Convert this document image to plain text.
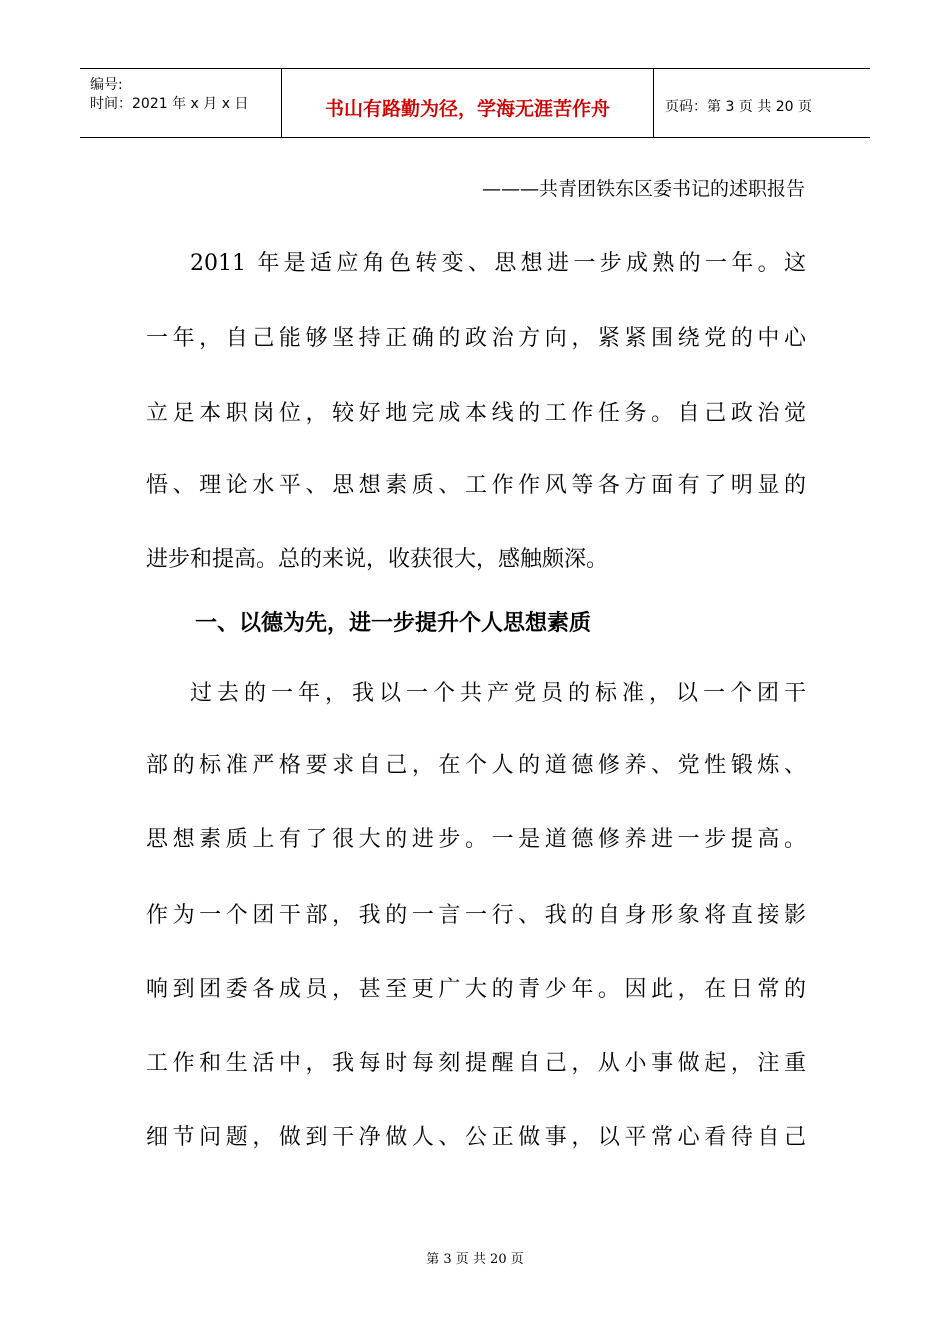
编号:
时间：2021 年 x 月 x 日	书山有路勤为径，学海无涯苦作舟	页码：第 3 页 共 20 页
———共青团铁东区委书记的述职报告
2011 年是适应角色转变、思想进一步成熟的一年。这
一年，自己能够坚持正确的政治方向，紧紧围绕党的中心
立足本职岗位，较好地完成本线的工作任务。自己政治觉
悟、理论水平、思想素质、工作作风等各方面有了明显的
进步和提高。总的来说，收获很大，感触颇深。
一、以德为先，进一步提升个人思想素质
过去的一年，我以一个共产党员的标准，以一个团干
部的标准严格要求自己，在个人的道德修养、党性锻炼、
思想素质上有了很大的进步。一是道德修养进一步提高。
作为一个团干部，我的一言一行、我的自身形象将直接影
响到团委各成员，甚至更广大的青少年。因此，在日常的
工作和生活中，我每时每刻提醒自己，从小事做起，注重
细节问题，做到干净做人、公正做事，以平常心看待自己
第 3 页 共 20 页
